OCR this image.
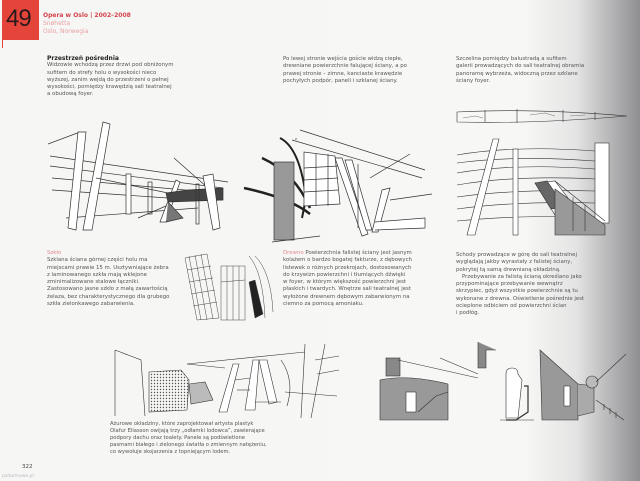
49 Opera w Oslo | 2002–2008
Snøhetta
Oslo, Norwegia

Przestrzeń pośrednia

Widzowie wchodzą przez drzwi pod obniżonym

sufitem do strefy holu o wysokości nieco

wyższej, zanim wejdą do przestrzeni o pełnej

wysokości, pomiędzy krawędzią sali teatralnej

a obudową foyer.

Po lewej stronie wejścia goście widzą ciepłe,

drewniane powierzchnie falującej ściany, a po

prawej stronie – zimne, kanciaste krawędzie

pochyłych podpór, paneli i szklanej ściany.

Szczelina pomiędzy balustradą a sufitem

galerii prowadzących do sali teatralnej obramia

panoramę wybrzeża, widoczną przez szklane

ściany foyer.

Szkło

Szklana ściana górnej części holu ma

miejscami prawie 15 m. Usztywniające żebra

z laminowanego szkła mają wklejone

zminimalizowane stalowe łączniki.

Zastosowano jasne szkło z małą zawartością

żelaza, bez charakterystycznego dla grubego

szkła zielonkawego zabarwienia.

Drewno Powierzchnia falistej ściany jest jasnym

kolażem o bardzo bogatej fakturze, z dębowych

listewek o różnych przekrojach, dostosowanych

do krzywizn powierzchni i tłumiących dźwięki

w foyer, w którym większość powierzchni jest

płaskich i twardych. Wnętrze sali teatralnej jest

wyłożone drewnem dębowym zabarwionym na

ciemno za pomocą amoniaku.

Schody prowadzące w górę do sali teatralnej

wyglądają jakby wyrastały z falistej ściany,

pokrytej tą samą drewnianą okładziną.

Przebywanie za falistą ścianą określano jako

przypominające przebywanie wewnątrz

skrzypiec, gdyż wszystkie powierzchnie są tu

wykonane z drewna. Oświetlenie pośrednie jest

ocieplone odbiciem od powierzchni ścian

i podłóg.

Ażurowe okładziny, które zaprojektował artysta plastyk

Olafur Eliasson owijają trzy „odłamki lodowca”, zawierające

podpory dachu oraz toalety. Panele są podświetlone

pasmami białego i zielonego światła o zmiennym natężeniu,

co wywołuje skojarzenia z topniejącym lodem.

322
pzdarmowe.pl
